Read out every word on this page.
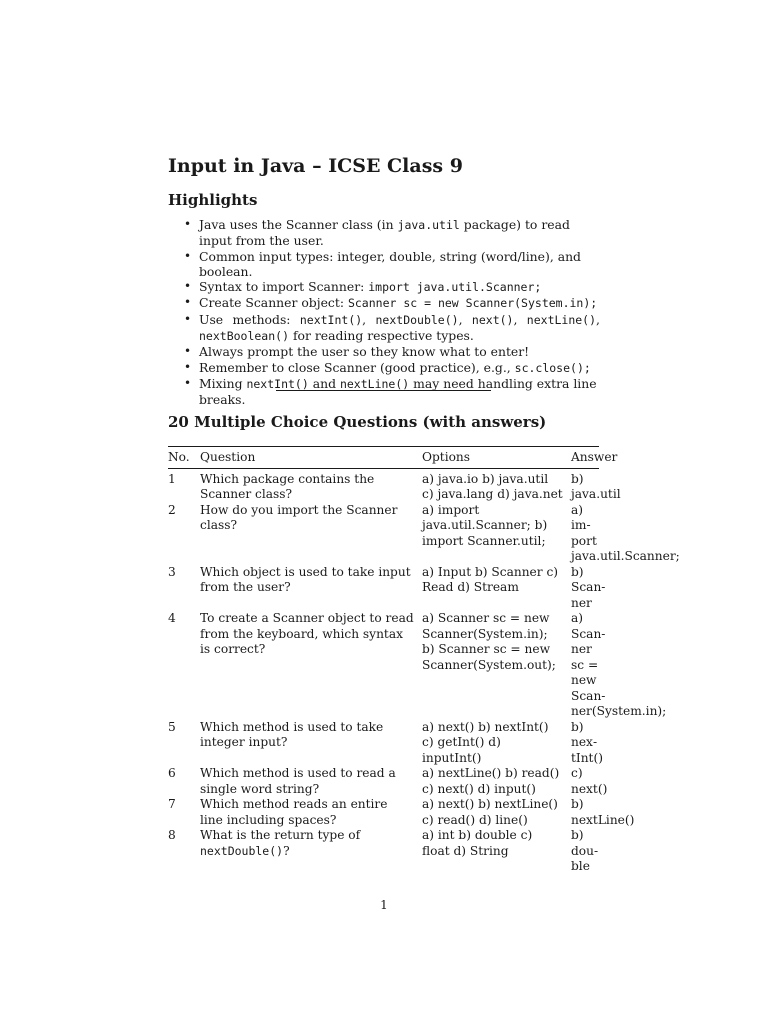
Input in Java – ICSE Class 9
Highlights
• Java uses the Scanner class (in java.util package) to read input from the user.
• Common input types: integer, double, string (word/line), and boolean.
• Syntax to import Scanner: import java.util.Scanner;
• Create Scanner object: Scanner sc = new Scanner(System.in);
• Use methods: nextInt(), nextDouble(), next(), nextLine(), nextBoolean() for reading respective types.
• Always prompt the user so they know what to enter!
• Remember to close Scanner (good practice), e.g., sc.close();
• Mixing nextInt() and nextLine() may need handling extra line breaks.
20 Multiple Choice Questions (with answers)
No.	Question	Options	Answer
1	Which package contains the Scanner class?	a) java.io b) java.util c) java.lang d) java.net	b) java.util
2	How do you import the Scanner class?	a) import java.util.Scanner; b) import Scanner.util;	a) import java.util.Scanner;
3	Which object is used to take input from the user?	a) Input b) Scanner c) Read d) Stream	b) Scanner
4	To create a Scanner object to read from the keyboard, which syntax is correct?	a) Scanner sc = new Scanner(System.in); b) Scanner sc = new Scanner(System.out);	a) Scanner sc = new Scanner(System.in);
5	Which method is used to take integer input?	a) next() b) nextInt() c) getInt() d) inputInt()	b) nextInt()
6	Which method is used to read a single word string?	a) nextLine() b) read() c) next() d) input()	c) next()
7	Which method reads an entire line including spaces?	a) next() b) nextLine() c) read() d) line()	b) nextLine()
8	What is the return type of nextDouble()?	a) int b) double c) float d) String	b) double
1
